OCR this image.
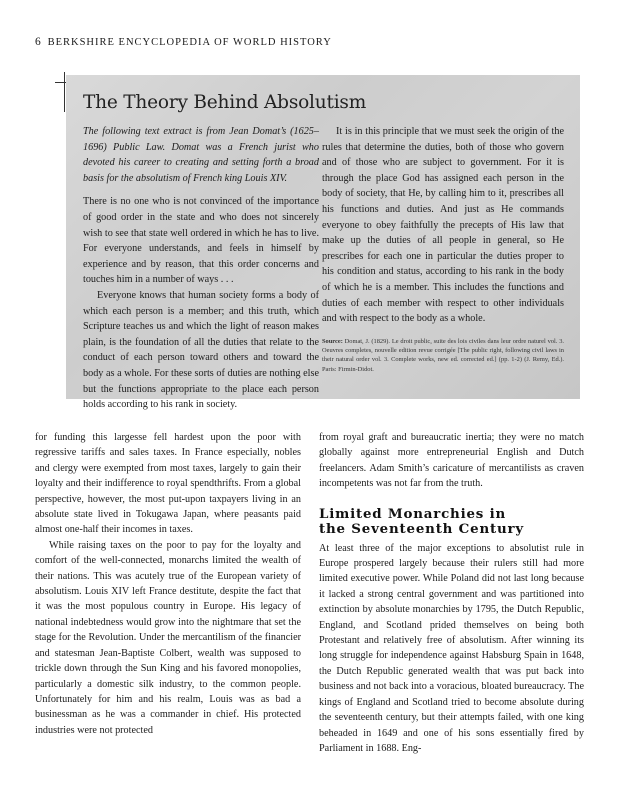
6 BERKSHIRE ENCYCLOPEDIA OF WORLD HISTORY
The Theory Behind Absolutism

The following text extract is from Jean Domat’s (1625–1696) Public Law. Domat was a French jurist who devoted his career to creating and setting forth a broad basis for the absolutism of French king Louis XIV.

There is no one who is not convinced of the importance of good order in the state and who does not sincerely wish to see that state well ordered in which he has to live. For everyone understands, and feels in himself by experience and by reason, that this order concerns and touches him in a number of ways . . .

Everyone knows that human society forms a body of which each person is a member; and this truth, which Scripture teaches us and which the light of reason makes plain, is the foundation of all the duties that relate to the conduct of each person toward others and toward the body as a whole. For these sorts of duties are nothing else but the functions appropriate to the place each person holds according to his rank in society.

It is in this principle that we must seek the origin of the rules that determine the duties, both of those who govern and of those who are subject to government. For it is through the place God has assigned each person in the body of society, that He, by calling him to it, prescribes all his functions and duties. And just as He commands everyone to obey faithfully the precepts of His law that make up the duties of all people in general, so He prescribes for each one in particular the duties proper to his condition and status, according to his rank in the body of which he is a member. This includes the functions and duties of each member with respect to other individuals and with respect to the body as a whole.

Source: Domat, J. (1829). Le droit public, suite des lois civiles dans leur ordre naturel vol. 3. Oeuvres completes, nouvelle edition revue corrigée [The public right, following civil laws in their natural order vol. 3. Complete works, new ed. corrected ed.] (pp. 1-2) (J. Remy, Ed.). Paris: Firmin-Didot.

for funding this largesse fell hardest upon the poor with regressive tariffs and sales taxes. In France especially, nobles and clergy were exempted from most taxes, largely to gain their loyalty and their indifference to royal spendthrifts. From a global perspective, however, the most put-upon taxpayers living in an absolute state lived in Tokugawa Japan, where peasants paid almost one-half their incomes in taxes.

While raising taxes on the poor to pay for the loyalty and comfort of the well-connected, monarchs limited the wealth of their nations. This was acutely true of the European variety of absolutism. Louis XIV left France destitute, despite the fact that it was the most populous country in Europe. His legacy of national indebtedness would grow into the nightmare that set the stage for the Revolution. Under the mercantilism of the financier and statesman Jean-Baptiste Colbert, wealth was supposed to trickle down through the Sun King and his favored monopolies, particularly a domestic silk industry, to the common people. Unfortunately for him and his realm, Louis was as bad a businessman as he was a commander in chief. His protected industries were not protected

from royal graft and bureaucratic inertia; they were no match globally against more entrepreneurial English and Dutch freelancers. Adam Smith’s caricature of mercantilists as craven incompetents was not far from the truth.

Limited Monarchies in
the Seventeenth Century

At least three of the major exceptions to absolutist rule in Europe prospered largely because their rulers still had more limited executive power. While Poland did not last long because it lacked a strong central government and was partitioned into extinction by absolute monarchies by 1795, the Dutch Republic, England, and Scotland prided themselves on being both Protestant and relatively free of absolutism. After winning its long struggle for independence against Habsburg Spain in 1648, the Dutch Republic generated wealth that was put back into business and not back into a voracious, bloated bureaucracy. The kings of England and Scotland tried to become absolute during the seventeenth century, but their attempts failed, with one king beheaded in 1649 and one of his sons essentially fired by Parliament in 1688. Eng-
